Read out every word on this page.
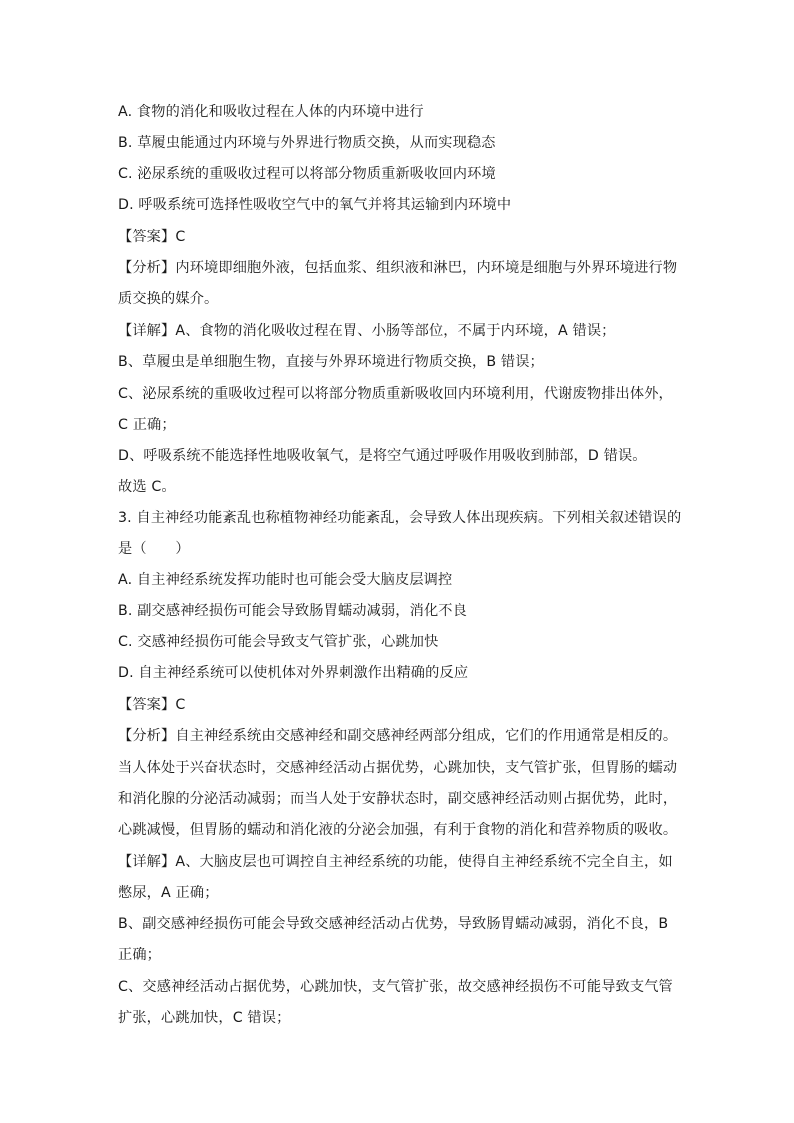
A. 食物的消化和吸收过程在人体的内环境中进行
B. 草履虫能通过内环境与外界进行物质交换，从而实现稳态
C. 泌尿系统的重吸收过程可以将部分物质重新吸收回内环境
D. 呼吸系统可选择性吸收空气中的氧气并将其运输到内环境中
【答案】C
【分析】内环境即细胞外液，包括血浆、组织液和淋巴，内环境是细胞与外界环境进行物
质交换的媒介。
【详解】A、食物的消化吸收过程在胃、小肠等部位，不属于内环境，A 错误；
B、草履虫是单细胞生物，直接与外界环境进行物质交换，B 错误；
C、泌尿系统的重吸收过程可以将部分物质重新吸收回内环境利用，代谢废物排出体外，
C 正确；
D、呼吸系统不能选择性地吸收氧气，是将空气通过呼吸作用吸收到肺部，D 错误。
故选 C。
3. 自主神经功能紊乱也称植物神经功能紊乱，会导致人体出现疾病。下列相关叙述错误的
是（　　）
A. 自主神经系统发挥功能时也可能会受大脑皮层调控
B. 副交感神经损伤可能会导致肠胃蠕动减弱，消化不良
C. 交感神经损伤可能会导致支气管扩张，心跳加快
D. 自主神经系统可以使机体对外界刺激作出精确的反应
【答案】C
【分析】自主神经系统由交感神经和副交感神经两部分组成，它们的作用通常是相反的。
当人体处于兴奋状态时，交感神经活动占据优势，心跳加快，支气管扩张，但胃肠的蠕动
和消化腺的分泌活动减弱；而当人处于安静状态时，副交感神经活动则占据优势，此时，
心跳减慢，但胃肠的蠕动和消化液的分泌会加强，有利于食物的消化和营养物质的吸收。
【详解】A、大脑皮层也可调控自主神经系统的功能，使得自主神经系统不完全自主，如
憋尿，A 正确；
B、副交感神经损伤可能会导致交感神经活动占优势，导致肠胃蠕动减弱，消化不良，B
正确；
C、交感神经活动占据优势，心跳加快，支气管扩张，故交感神经损伤不可能导致支气管
扩张，心跳加快，C 错误；
